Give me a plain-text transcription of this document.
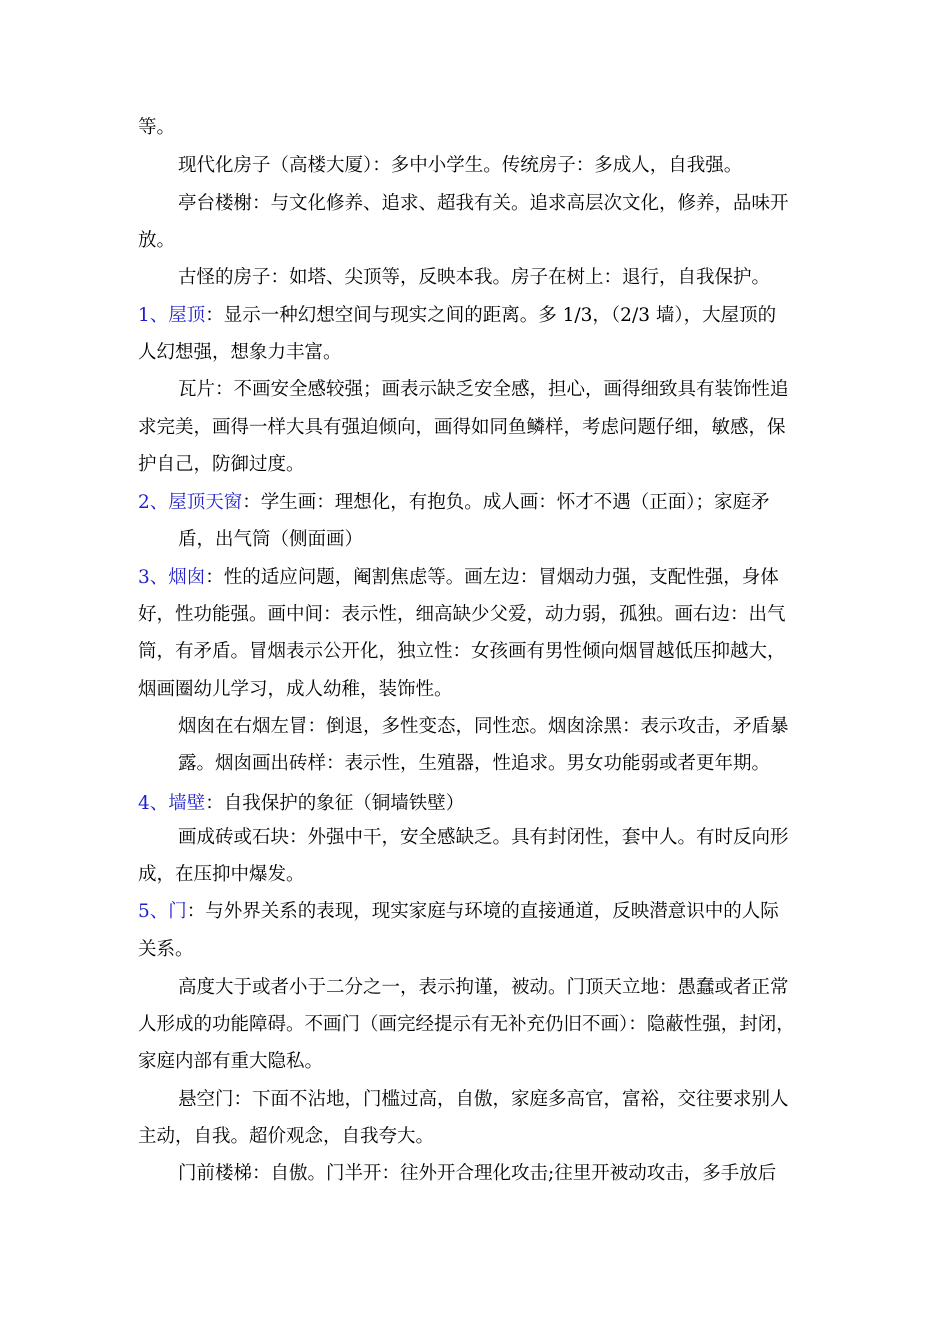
等。
现代化房子（高楼大厦）：多中小学生。传统房子：多成人，自我强。
亭台楼榭：与文化修养、追求、超我有关。追求高层次文化，修养，品味开
放。
古怪的房子：如塔、尖顶等，反映本我。房子在树上：退行，自我保护。
1、屋顶：显示一种幻想空间与现实之间的距离。多 1/3，（2/3 墙），大屋顶的
人幻想强，想象力丰富。
瓦片：不画安全感较强；画表示缺乏安全感，担心，画得细致具有装饰性追
求完美，画得一样大具有强迫倾向，画得如同鱼鳞样，考虑问题仔细，敏感，保
护自己，防御过度。
2、屋顶天窗：学生画：理想化，有抱负。成人画：怀才不遇（正面）；家庭矛
盾，出气筒（侧面画）
3、烟囱：性的适应问题，阉割焦虑等。画左边：冒烟动力强，支配性强，身体
好，性功能强。画中间：表示性，细高缺少父爱，动力弱，孤独。画右边：出气
筒，有矛盾。冒烟表示公开化，独立性：女孩画有男性倾向烟冒越低压抑越大，
烟画圈幼儿学习，成人幼稚，装饰性。
烟囱在右烟左冒：倒退，多性变态，同性恋。烟囱涂黑：表示攻击，矛盾暴
露。烟囱画出砖样：表示性，生殖器，性追求。男女功能弱或者更年期。
4、墙壁：自我保护的象征（铜墙铁壁）
画成砖或石块：外强中干，安全感缺乏。具有封闭性，套中人。有时反向形
成，在压抑中爆发。
5、门：与外界关系的表现，现实家庭与环境的直接通道，反映潜意识中的人际
关系。
高度大于或者小于二分之一，表示拘谨，被动。门顶天立地：愚蠢或者正常
人形成的功能障碍。不画门（画完经提示有无补充仍旧不画）：隐蔽性强，封闭，
家庭内部有重大隐私。
悬空门：下面不沾地，门槛过高，自傲，家庭多高官，富裕，交往要求别人
主动，自我。超价观念，自我夸大。
门前楼梯：自傲。门半开：往外开合理化攻击;往里开被动攻击，多手放后
